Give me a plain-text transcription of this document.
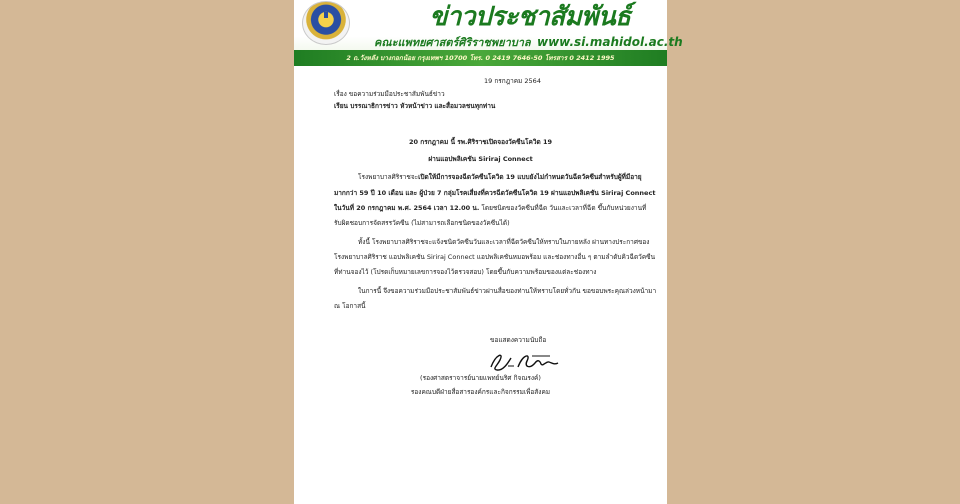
ข่าวประชาสัมพันธ์
คณะแพทยศาสตร์ศิริราชพยาบาล www.si.mahidol.ac.th
2 ถ.วังหลัง บางกอกน้อย กรุงเทพฯ 10700 โทร. 0 2419 7646-50 โทรสาร 0 2412 1995
19 กรกฎาคม 2564
เรื่อง ขอความร่วมมือประชาสัมพันธ์ข่าว
เรียน บรรณาธิการข่าว หัวหน้าข่าว และสื่อมวลชนทุกท่าน
20 กรกฎาคม นี้ รพ.ศิริราชเปิดจองวัคซีนโควิด 19
ผ่านแอปพลิเคชัน Siriraj Connect
โรงพยาบาลศิริราชจะเปิดให้มีการจองฉีดวัคซีนโควิด 19 แบบยังไม่กำหนดวันฉีดวัคซีนสำหรับผู้ที่มีอายุ
มากกว่า 59 ปี 10 เดือน และ ผู้ป่วย 7 กลุ่มโรคเสี่ยงที่ควรฉีดวัคซีนโควิด 19 ผ่านแอปพลิเคชัน Siriraj Connect
ในวันที่ 20 กรกฎาคม พ.ศ. 2564 เวลา 12.00 น. โดยชนิดของวัคซีนที่ฉีด วันและเวลาที่ฉีด ขึ้นกับหน่วยงานที่
รับผิดชอบการจัดสรรวัคซีน (ไม่สามารถเลือกชนิดของวัคซีนได้)
ทั้งนี้ โรงพยาบาลศิริราชจะแจ้งชนิดวัคซีนวันและเวลาที่ฉีดวัคซีนให้ทราบในภายหลัง ผ่านทางประกาศของ
โรงพยาบาลศิริราช แอปพลิเคชัน Siriraj Connect แอปพลิเคชันหมอพร้อม และช่องทางอื่น ๆ ตามลำดับคิวฉีดวัคซีน
ที่ท่านจองไว้ (โปรดเก็บหมายเลขการจองไว้ตรวจสอบ) โดยขึ้นกับความพร้อมของแต่ละช่องทาง
ในการนี้ จึงขอความร่วมมือประชาสัมพันธ์ข่าวผ่านสื่อของท่านให้ทราบโดยทั่วกัน ขอขอบพระคุณล่วงหน้ามา
ณ โอกาสนี้
ขอแสดงความนับถือ
(รองศาสตราจารย์นายแพทย์นริศ กิจณรงค์)
รองคณบดีฝ่ายสื่อสารองค์กรและกิจกรรมเพื่อสังคม
